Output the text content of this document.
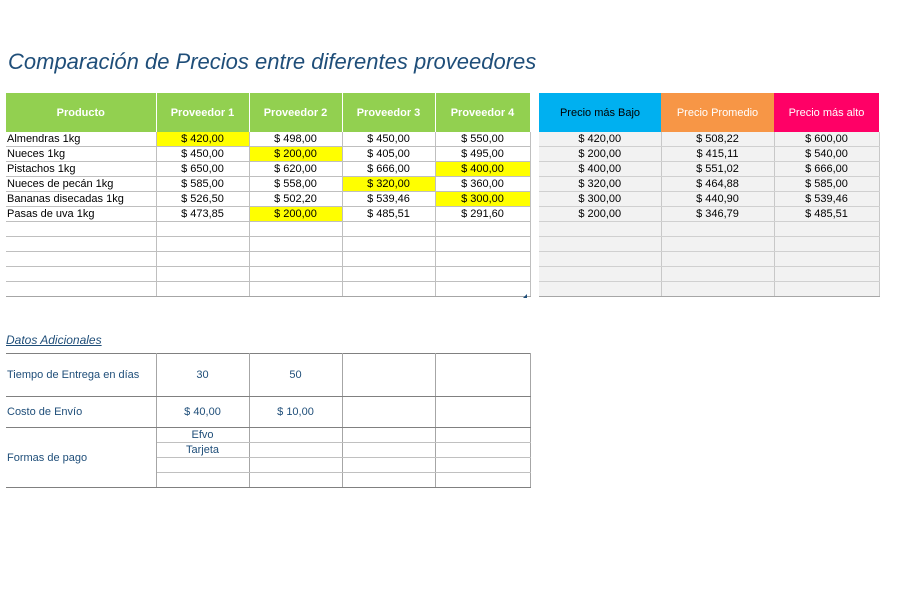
Comparación de Precios entre diferentes proveedores
Producto	Proveedor 1	Proveedor 2	Proveedor 3	Proveedor 4
Almendras 1kg	$ 420,00	$ 498,00	$ 450,00	$ 550,00
Nueces 1kg	$ 450,00	$ 200,00	$ 405,00	$ 495,00
Pistachos 1kg	$ 650,00	$ 620,00	$ 666,00	$ 400,00
Nueces de pecán 1kg	$ 585,00	$ 558,00	$ 320,00	$ 360,00
Bananas disecadas 1kg	$ 526,50	$ 502,20	$ 539,46	$ 300,00
Pasas de uva 1kg	$ 473,85	$ 200,00	$ 485,51	$ 291,60

Precio más Bajo	Precio Promedio	Precio más alto
$ 420,00	$ 508,22	$ 600,00
$ 200,00	$ 415,11	$ 540,00
$ 400,00	$ 551,02	$ 666,00
$ 320,00	$ 464,88	$ 585,00
$ 300,00	$ 440,90	$ 539,46
$ 200,00	$ 346,79	$ 485,51

Datos Adicionales
Tiempo de Entrega en días	30	50		
Costo de Envío	$ 40,00	$ 10,00		
Formas de pago	Efvo			
	Tarjeta			
